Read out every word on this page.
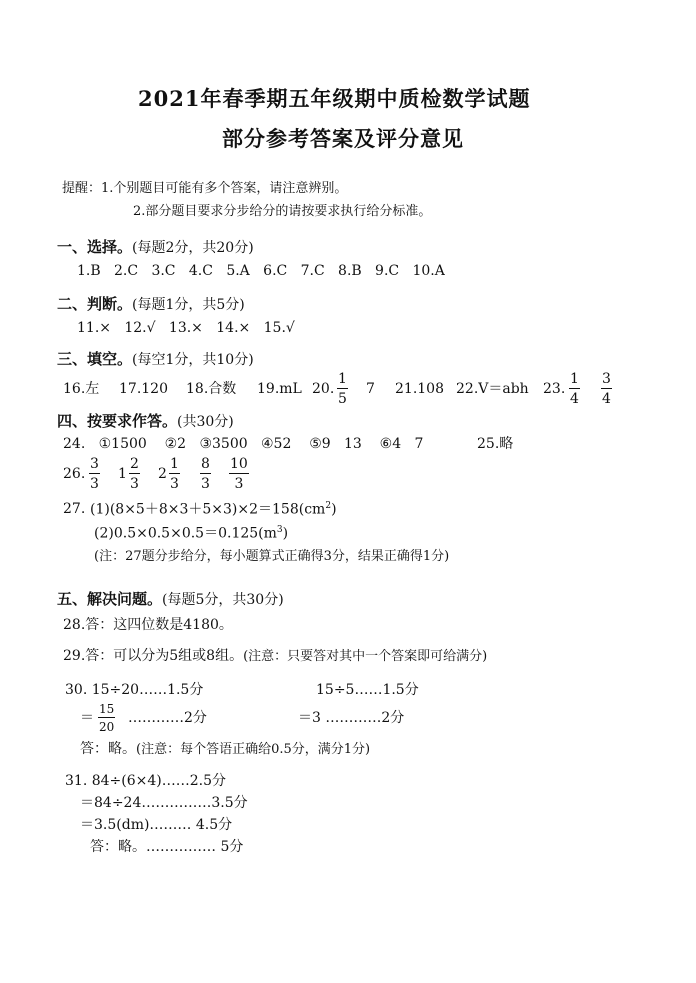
2021年春季期五年级期中质检数学试题
部分参考答案及评分意见
提醒：1.个别题目可能有多个答案，请注意辨别。
2.部分题目要求分步给分的请按要求执行给分标准。
一、选择。(每题2分，共20分)
1.B 2.C 3.C 4.C 5.A 6.C 7.C 8.B 9.C 10.A
二、判断。(每题1分，共5分)
11.× 12.√ 13.× 14.× 15.√
三、填空。(每空1分，共10分)
16.左 17.120 18.合数 19.mL 20.
1
5
7 21.108 22.V＝abh 23.
1
4
3
4
四、按要求作答。(共30分)
24. ①1500 ②2 ③3500 ④52 ⑤9 13 ⑥4 7	25.略
26.
3
3
1
2
3
2
1
3
8
3
10
3
27. $(1)(8\times 5+8\times 3+5\times 3)\times 2=158(cm^2)$
$(2)0.5\times 0.5\times 0.5=0.125(m^3)$
(注：27题分步给分，每小题算式正确得3分，结果正确得1分)
五、解决问题。(每题5分，共30分)
28.答：这四位数是4180。
29.答：可以分为5组或8组。(注意：只要答对其中一个答案即可给满分)
30. 15÷20……1.5分	15÷5……1.5分
＝
15
20
…………2分	＝3 …………2分
答：略。(注意：每个答语正确给0.5分，满分1分)
31. 84÷(6×4)……2.5分
＝84÷24……………3.5分
＝3.5(dm)……… 4.5分
答：略。…………… 5分
